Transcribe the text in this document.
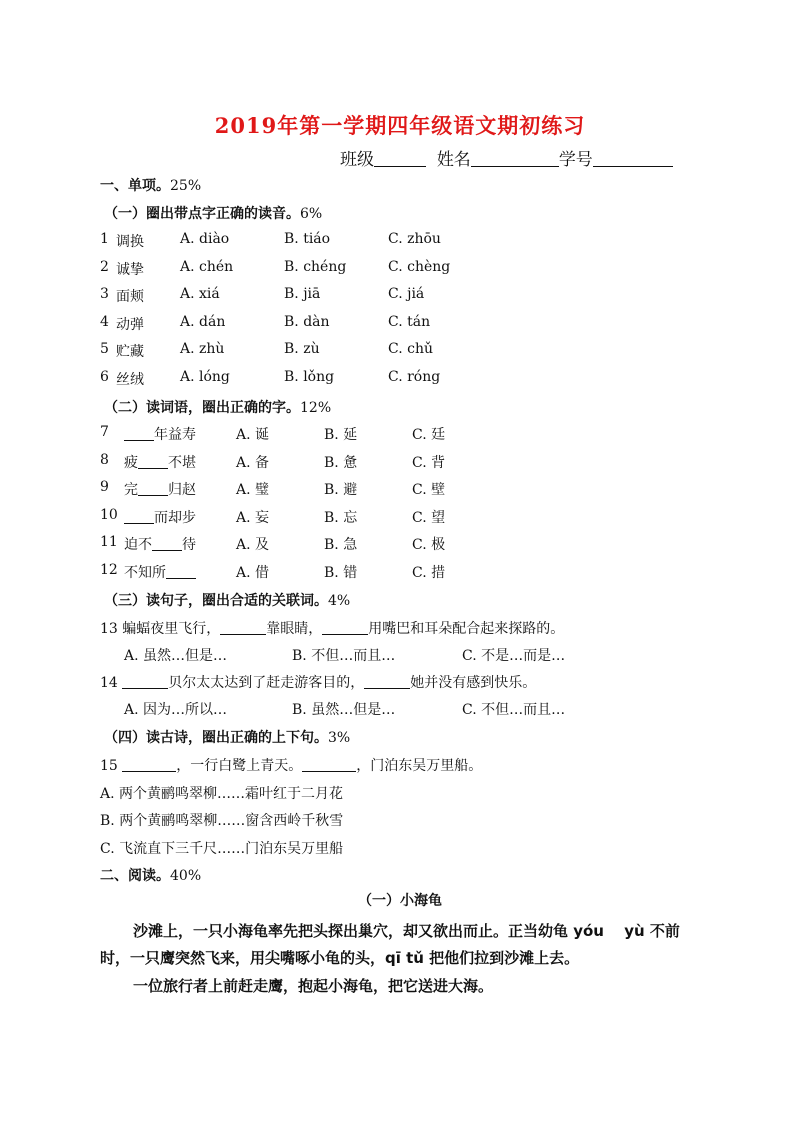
2019年第一学期四年级语文期初练习
班级	姓名	学号
一、单项。25%
（一）圈出带点字正确的读音。6%
1 调换	A. diào	B. tiáo	C. zhōu
2 诚挚	A. chén	B. chéng	C. chèng
3 面颊	A. xiá	B. jiā	C. jiá
4 动弹	A. dán	B. dàn	C. tán
5 贮藏	A. zhù	B. zù	C. chǔ
6 丝绒	A. lóng	B. lǒng	C. róng
（二）读词语，圈出正确的字。12%
7	年益寿	A. 诞	B. 延	C. 廷
8 疲 不堪	A. 备	B. 惫	C. 背
9 完 归赵	A. 璧	B. 避	C. 壁
10	而却步	A. 妄	B. 忘	C. 望
11 迫不 待	A. 及	B. 急	C. 极
12 不知所	A. 借	B. 错	C. 措
（三）读句子，圈出合适的关联词。4%
13 蝙蝠夜里飞行，	靠眼睛，	用嘴巴和耳朵配合起来探路的。
A. 虽然…但是…	B. 不但…而且…	C. 不是…而是…
14	贝尔太太达到了赶走游客目的，	她并没有感到快乐。
A. 因为…所以…	B. 虽然…但是…	C. 不但…而且…
（四）读古诗，圈出正确的上下句。3%
15	，一行白鹭上青天。	，门泊东吴万里船。
A. 两个黄鹂鸣翠柳……霜叶红于二月花
B. 两个黄鹂鸣翠柳……窗含西岭千秋雪
C. 飞流直下三千尺……门泊东吴万里船
二、阅读。40%
（一）小海龟
沙滩上，一只小海龟率先把头探出巢穴，却又欲出而止。正当幼龟 yóu　 yù 不前
时，一只鹰突然飞来，用尖嘴啄小龟的头，qī tǔ 把他们拉到沙滩上去。
一位旅行者上前赶走鹰，抱起小海龟，把它送进大海。
